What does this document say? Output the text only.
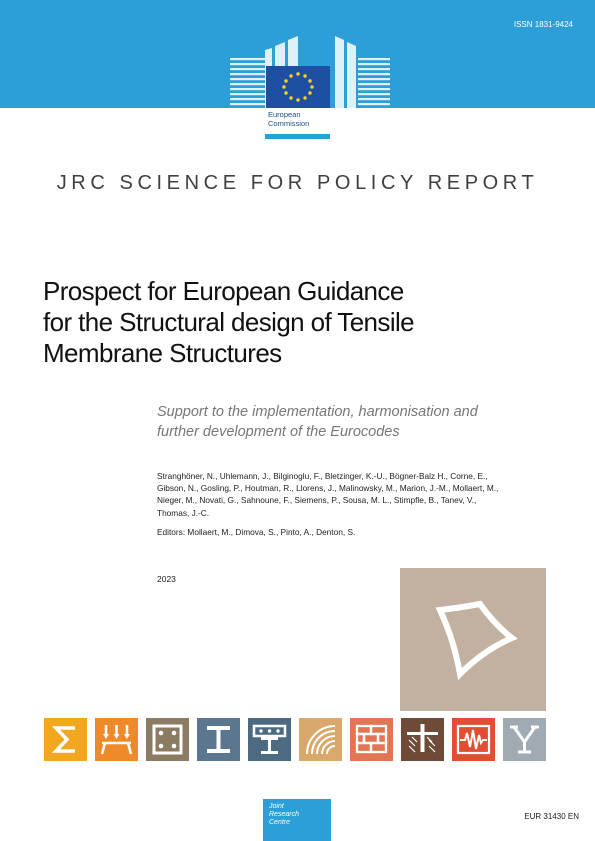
ISSN 1831-9424
European
Commission
JRC SCIENCE FOR POLICY REPORT
Prospect for European Guidance
for the Structural design of Tensile
Membrane Structures
Support to the implementation, harmonisation and
further development of the Eurocodes
Stranghöner, N., Uhlemann, J., Bilginoglu, F., Bletzinger, K.-U., Bögner-Balz H., Corne, E.,
Gibson, N., Gosling, P., Houtman, R., Llorens, J., Malinowsky, M., Marion, J.-M., Mollaert, M.,
Nieger, M., Novati, G., Sahnoune, F., Siemens, P., Sousa, M. L., Stimpfle, B., Tanev, V.,
Thomas, J.-C.
Editors: Mollaert, M., Dimova, S., Pinto, A., Denton, S.
2023
Joint
Research
Centre
EUR 31430 EN
